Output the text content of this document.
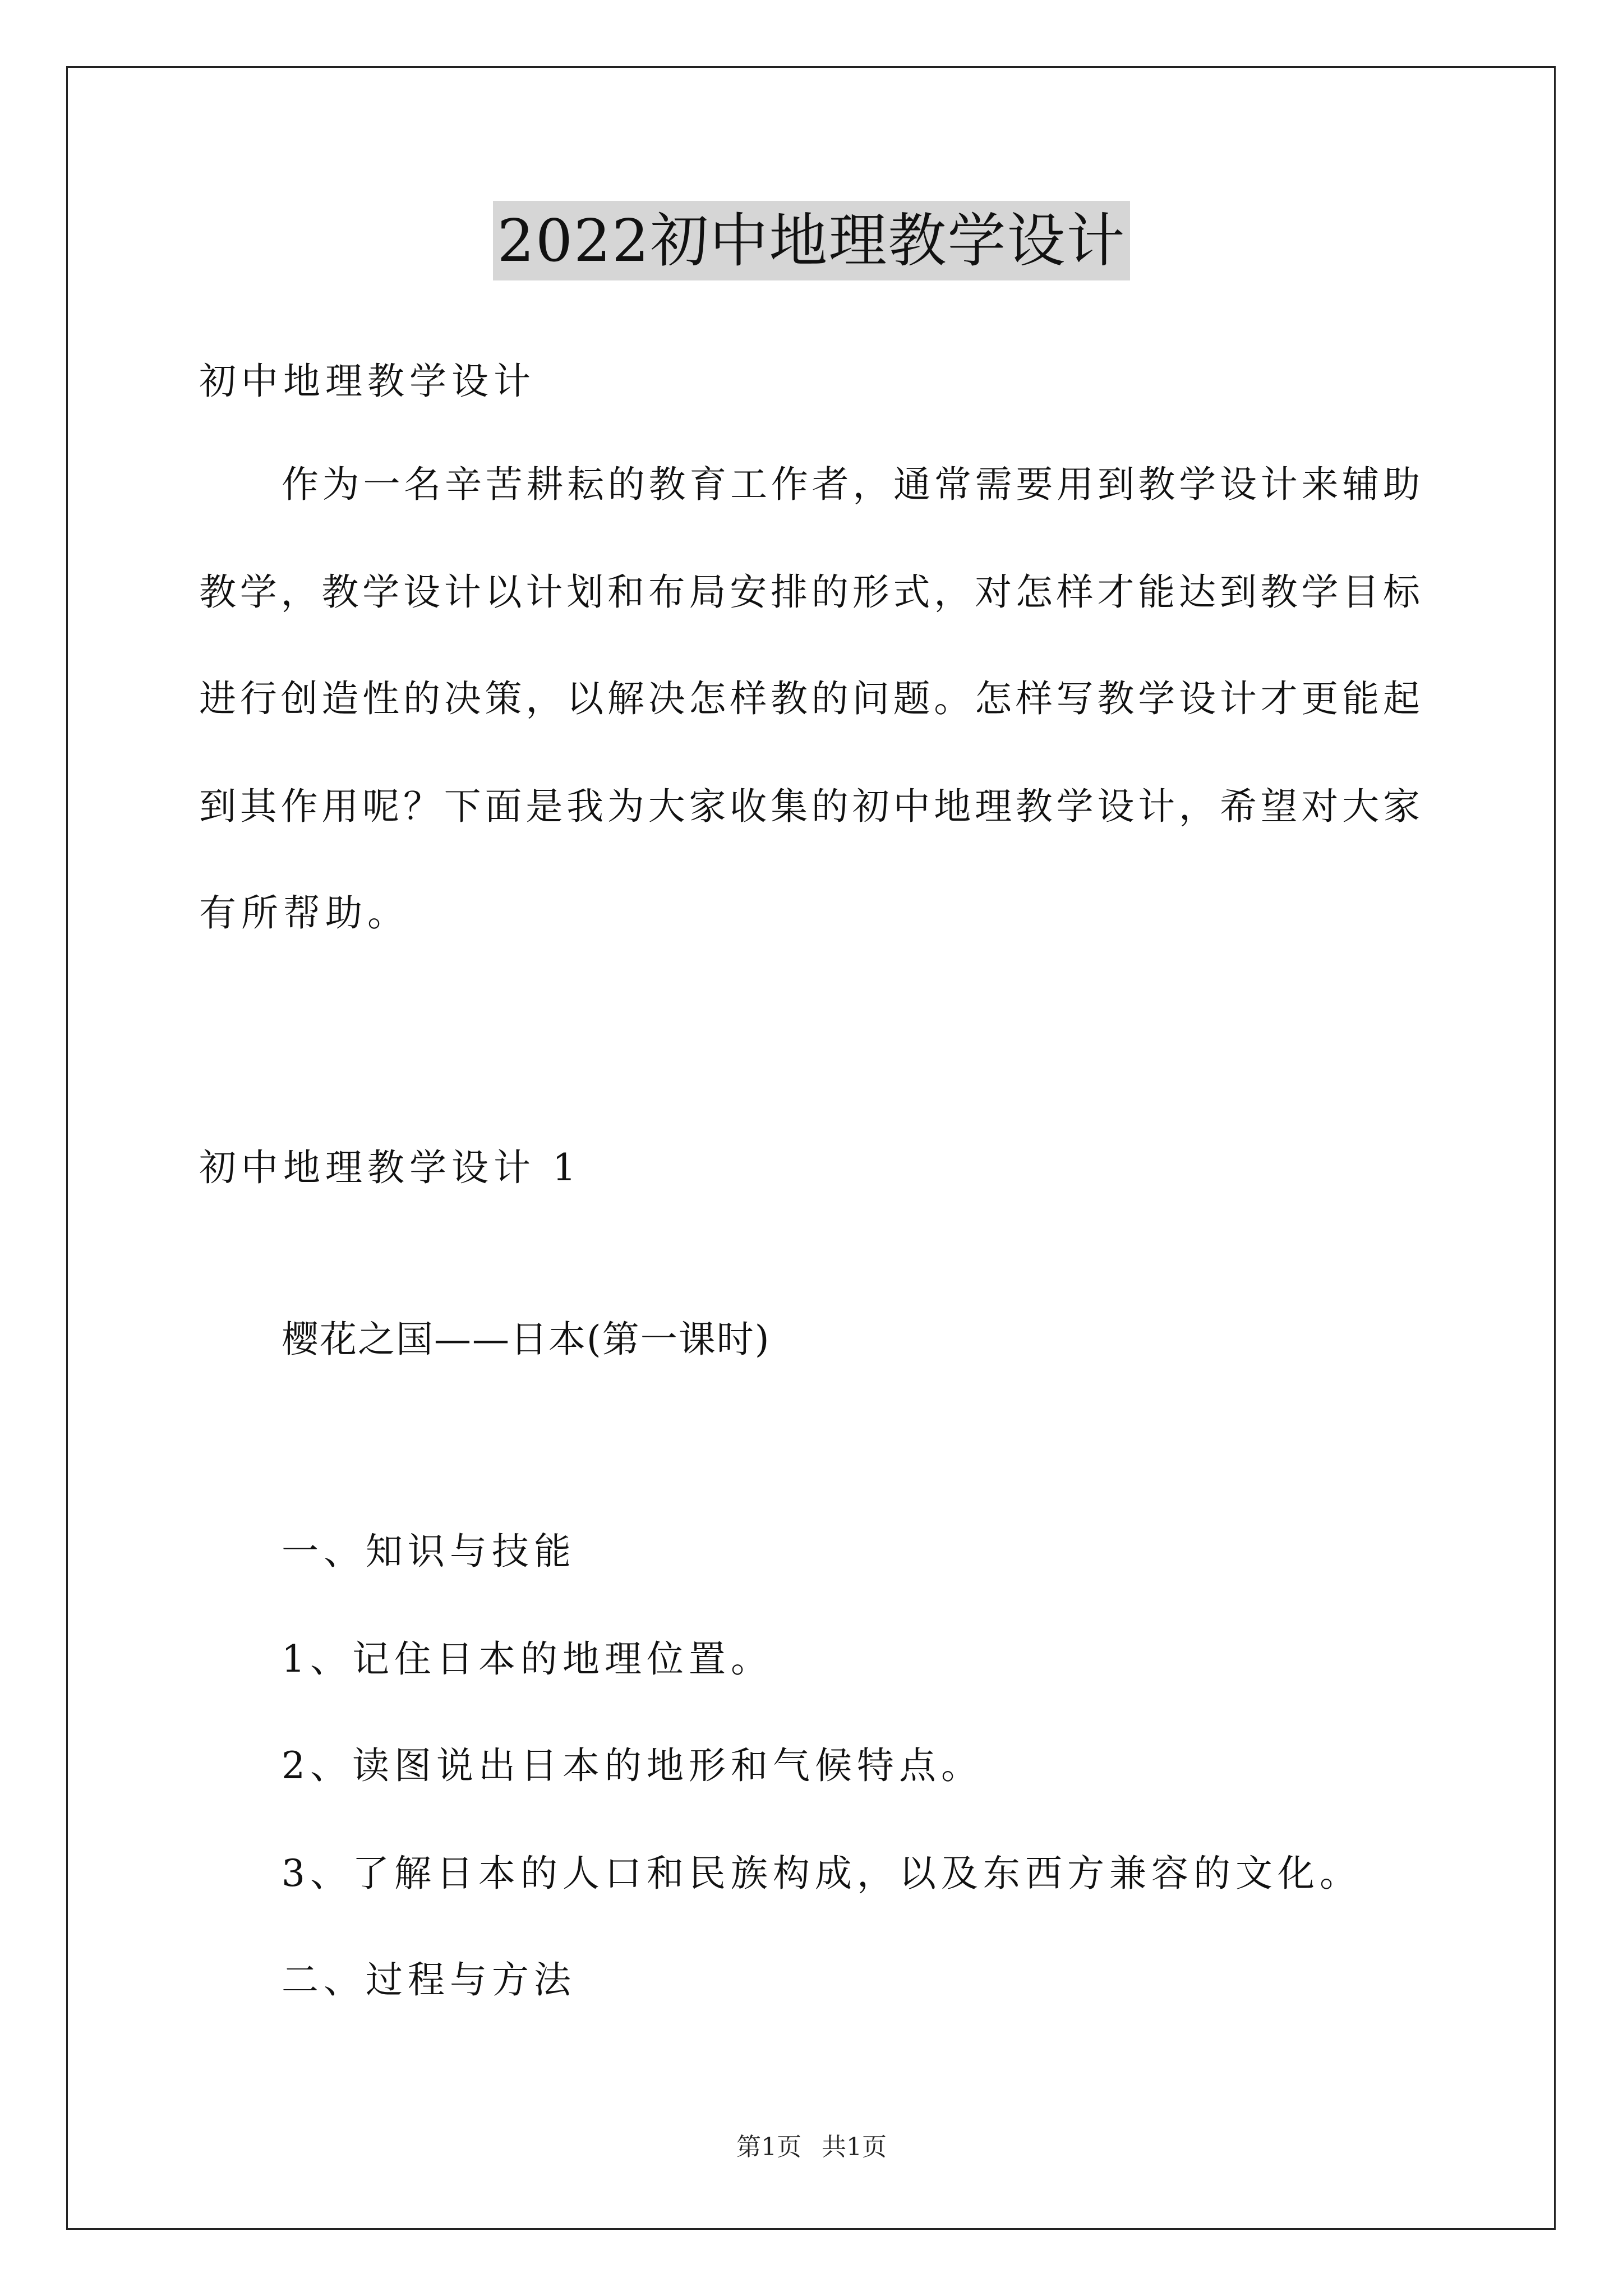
2022初中地理教学设计
初中地理教学设计
作为一名辛苦耕耘的教育工作者，通常需要用到教学设计来辅助
教学，教学设计以计划和布局安排的形式，对怎样才能达到教学目标
进行创造性的决策，以解决怎样教的问题。怎样写教学设计才更能起
到其作用呢？下面是我为大家收集的初中地理教学设计，希望对大家
有所帮助。
初中地理教学设计 1
樱花之国——日本(第一课时)
一、知识与技能
1、记住日本的地理位置。
2、读图说出日本的地形和气候特点。
3、了解日本的人口和民族构成，以及东西方兼容的文化。
二、过程与方法
第1页 共1页
